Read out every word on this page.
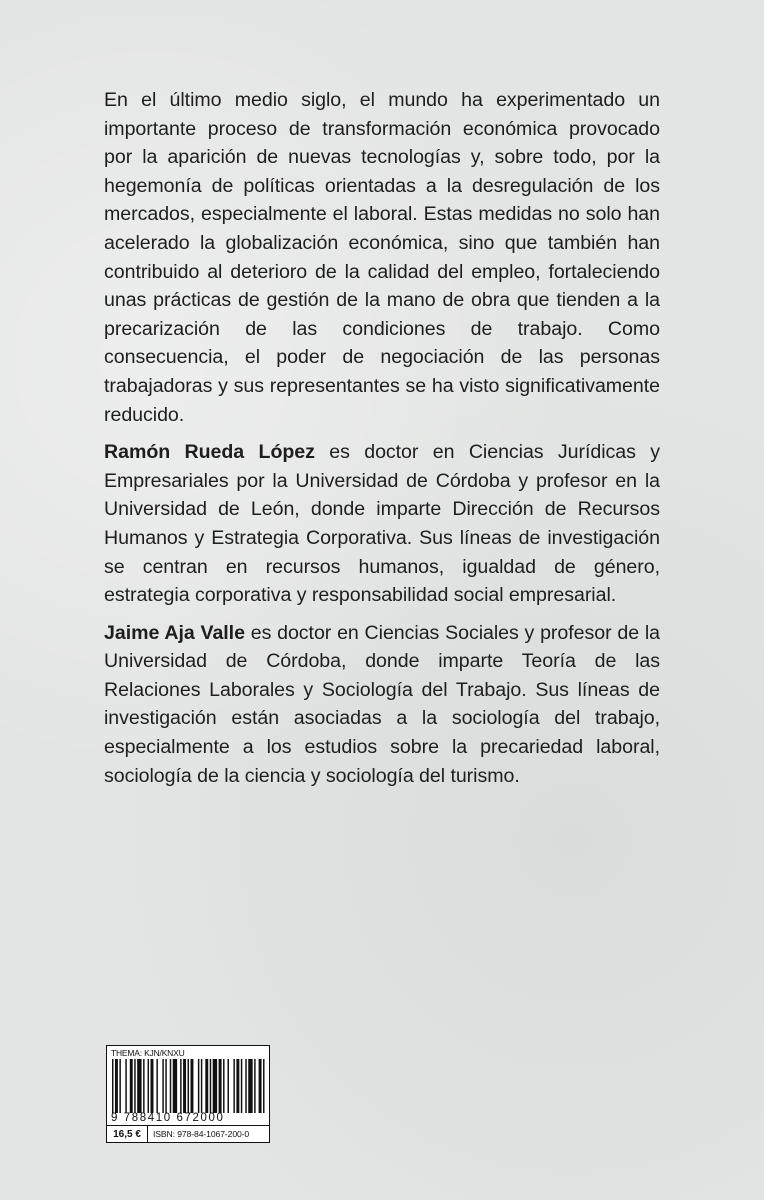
En el último medio siglo, el mundo ha experimentado un importante proceso de transformación económica provocado por la aparición de nuevas tecnologías y, sobre todo, por la hegemonía de políticas orientadas a la desregulación de los mercados, especialmente el laboral. Estas medidas no solo han acelerado la globalización económica, sino que también han contribuido al deterioro de la calidad del empleo, fortaleciendo unas prácticas de gestión de la mano de obra que tienden a la precarización de las condiciones de trabajo. Como consecuencia, el poder de negociación de las personas trabajadoras y sus representantes se ha visto significativamente reducido.

Ramón Rueda López es doctor en Ciencias Jurídicas y Empresariales por la Universidad de Córdoba y profesor en la Universidad de León, donde imparte Dirección de Recursos Humanos y Estrategia Corporativa. Sus líneas de investigación se centran en recursos humanos, igualdad de género, estrategia corporativa y responsabilidad social empresarial.

Jaime Aja Valle es doctor en Ciencias Sociales y profesor de la Universidad de Córdoba, donde imparte Teoría de las Relaciones Laborales y Sociología del Trabajo. Sus líneas de investigación están asociadas a la sociología del trabajo, especialmente a los estudios sobre la precariedad laboral, sociología de la ciencia y sociología del turismo.

THEMA: KJN/KNXU
9 788410 672000
16,5 €	ISBN: 978-84-1067-200-0
